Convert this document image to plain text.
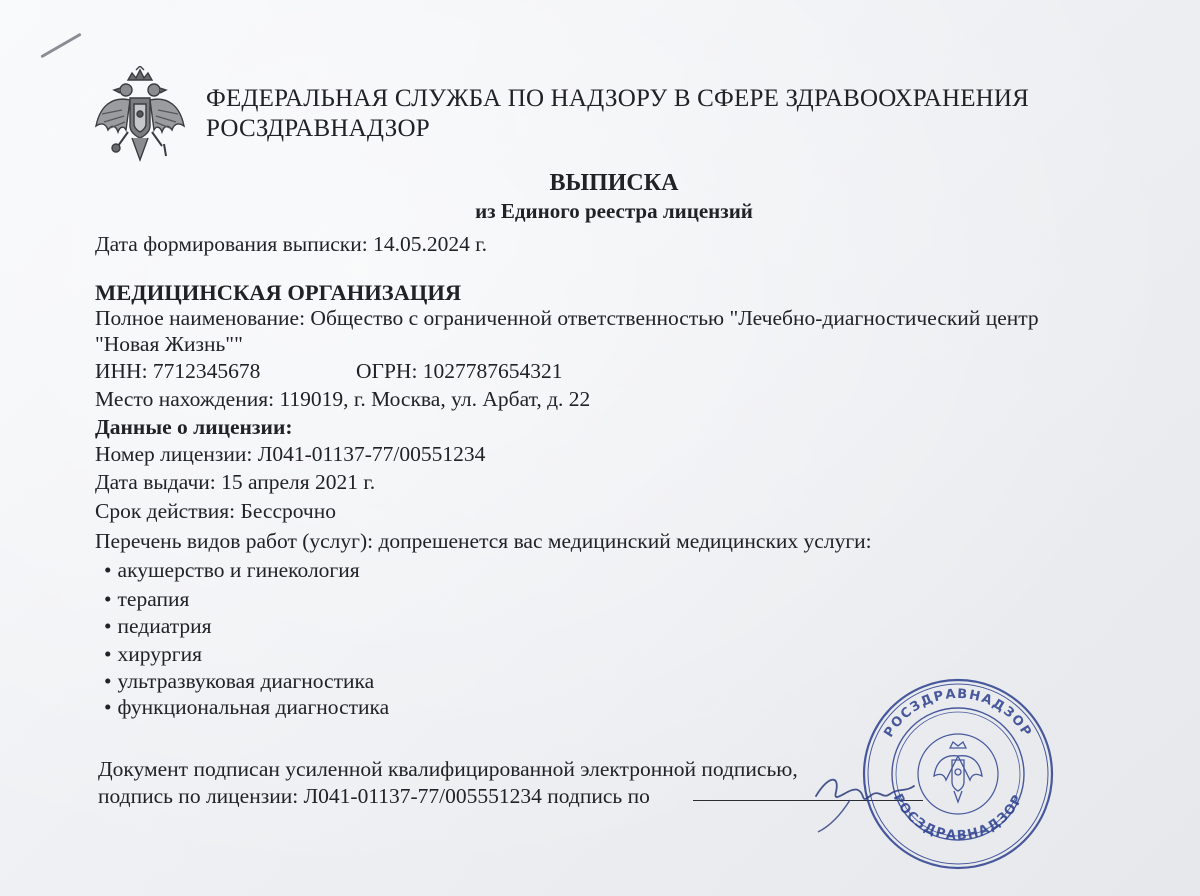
ФЕДЕРАЛЬНАЯ СЛУЖБА ПО НАДЗОРУ В СФЕРЕ ЗДРАВООХРАНЕНИЯ
РОСЗДРАВНАДЗОР
ВЫПИСКА
из Единого реестра лицензий
Дата формирования выписки: 14.05.2024 г.
МЕДИЦИНСКАЯ ОРГАНИЗАЦИЯ
Полное наименование: Общество с ограниченной ответственностью "Лечебно-диагностический центр
"Новая Жизнь""
ИНН: 7712345678	ОГРН: 1027787654321
Место нахождения: 119019, г. Москва, ул. Арбат, д. 22
Данные о лицензии:
Номер лицензии: Л041-01137-77/00551234
Дата выдачи: 15 апреля 2021 г.
Срок действия: Бессрочно
Перечень видов работ (услуг): допрешенется вас медицинский медицинских услуги:
• акушерство и гинекология
• терапия
• педиатрия
• хирургия
• ультразвуковая диагностика
• функциональная диагностика
Документ подписан усиленной квалифицированной электронной подписью,
подпись по лицензии: Л041-01137-77/005551234 подпись по
РОСЗДРАВНАДЗОР
РОСЗДРАВНАДЗОР
